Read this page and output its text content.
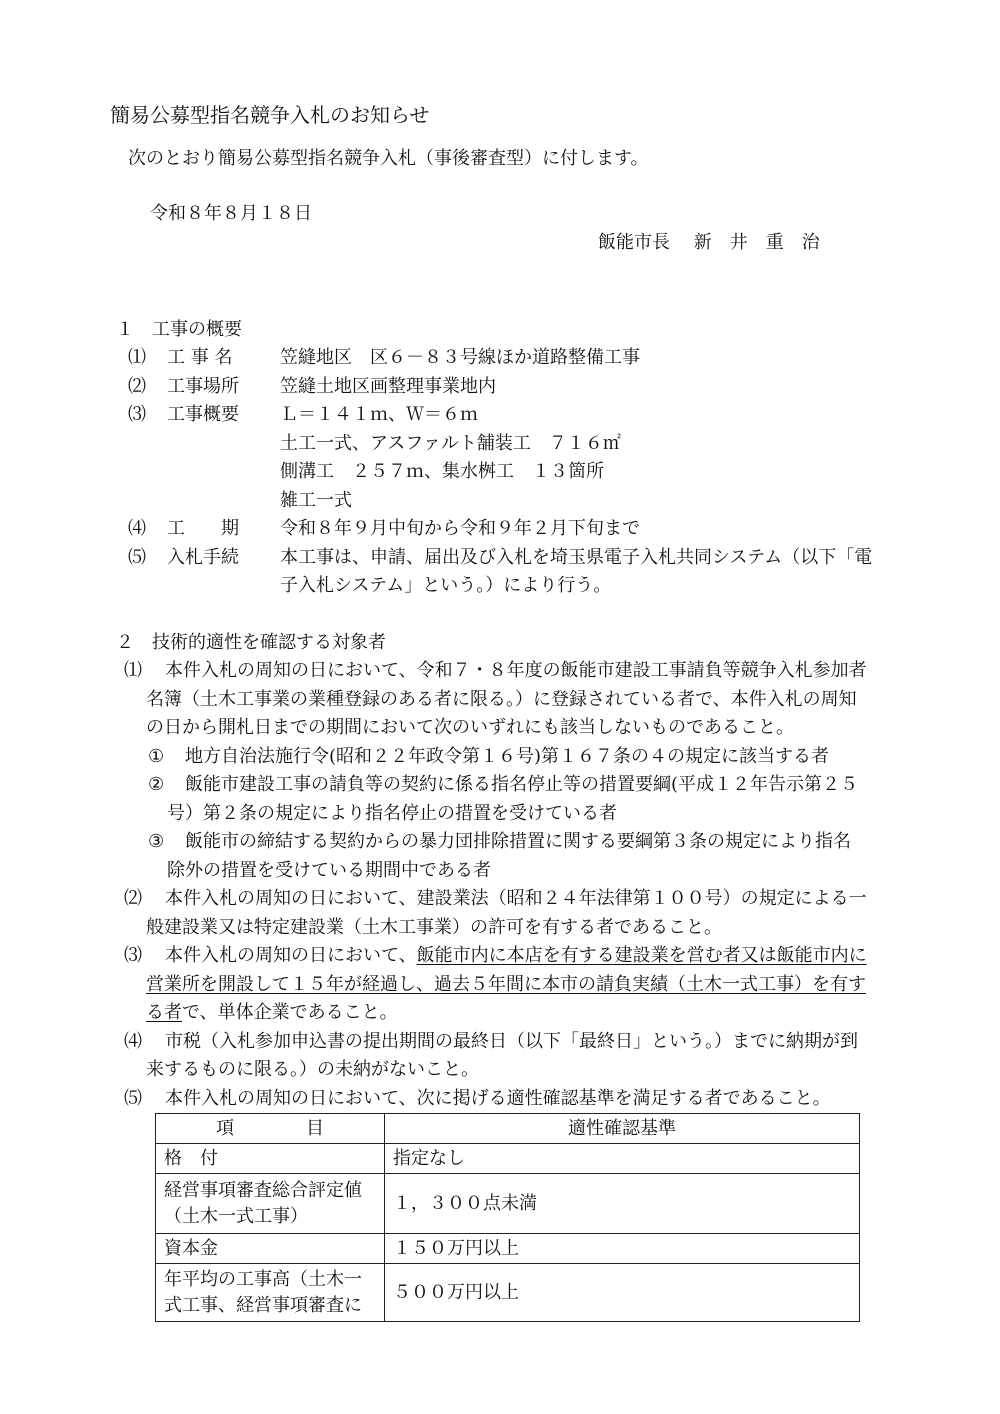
簡易公募型指名競争入札のお知らせ
次のとおり簡易公募型指名競争入札（事後審査型）に付します。
令和８年８月１８日
飯能市長　 新　井　重　治
１　工事の概要
⑴ 工 事 名	笠縫地区　区６－８３号線ほか道路整備工事
⑵ 工事場所 笠縫土地区画整理事業地内
⑶ 工事概要 Ｌ＝１４１ｍ、Ｗ＝６ｍ
土工一式、アスファルト舗装工　７１６㎡
側溝工　２５７ｍ、集水桝工　１３箇所
雑工一式
⑷ 工　　期 令和８年９月中旬から令和９年２月下旬まで
⑸ 入札手続 本工事は、申請、届出及び入札を埼玉県電子入札共同システム（以下「電
子入札システム」という。）により行う。
２　技術的適性を確認する対象者
⑴ 本件入札の周知の日において、令和７・８年度の飯能市建設工事請負等競争入札参加者
名簿（土木工事業の業種登録のある者に限る。）に登録されている者で、本件入札の周知
の日から開札日までの期間において次のいずれにも該当しないものであること。
① 地方自治法施行令(昭和２２年政令第１６号)第１６７条の４の規定に該当する者
② 飯能市建設工事の請負等の契約に係る指名停止等の措置要綱(平成１２年告示第２５
号）第２条の規定により指名停止の措置を受けている者
③ 飯能市の締結する契約からの暴力団排除措置に関する要綱第３条の規定により指名
除外の措置を受けている期間中である者
⑵ 本件入札の周知の日において、建設業法（昭和２４年法律第１００号）の規定による一
般建設業又は特定建設業（土木工事業）の許可を有する者であること。
⑶ 本件入札の周知の日において、飯能市内に本店を有する建設業を営む者又は飯能市内に
営業所を開設して１５年が経過し、過去５年間に本市の請負実績（土木一式工事）を有す
る者で、単体企業であること。
⑷ 市税（入札参加申込書の提出期間の最終日（以下「最終日」という。）までに納期が到
来するものに限る。）の未納がないこと。
⑸ 本件入札の周知の日において、次に掲げる適性確認基準を満足する者であること。
項　　　　目	適性確認基準
格　付	指定なし

経営事項審査総合評定値
（土木一式工事）	１，３００点未満
資本金	１５０万円以上

年平均の工事高（土木一
式工事、経営事項審査に	５００万円以上
